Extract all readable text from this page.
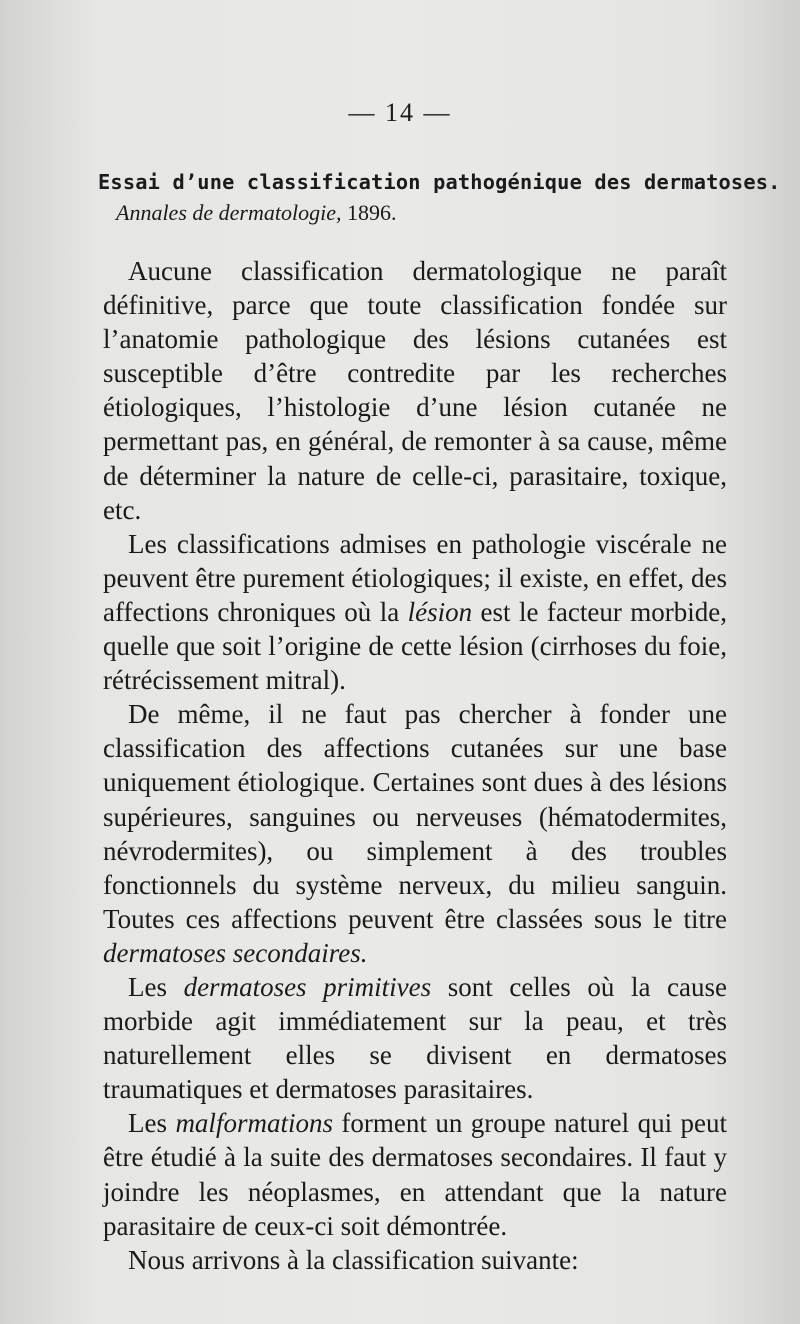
— 14 —
Essai d’une classification pathogénique des dermatoses.
Annales de dermatologie, 1896.

Aucune classification dermatologique ne paraît définitive, parce que toute classification fondée sur l’anatomie pathologique des lésions cutanées est susceptible d’être contredite par les recherches étiologiques, l’histologie d’une lésion cutanée ne permettant pas, en général, de remonter à sa cause, même de déterminer la nature de celle-ci, parasitaire, toxique, etc.

Les classifications admises en pathologie viscérale ne peuvent être purement étiologiques; il existe, en effet, des affections chroniques où la lésion est le facteur morbide, quelle que soit l’origine de cette lésion (cirrhoses du foie, rétrécissement mitral).

De même, il ne faut pas chercher à fonder une classification des affections cutanées sur une base uniquement étiologique. Certaines sont dues à des lésions supérieures, sanguines ou nerveuses (hématodermites, névrodermites), ou simplement à des troubles fonctionnels du système nerveux, du milieu sanguin. Toutes ces affections peuvent être classées sous le titre dermatoses secondaires.

Les dermatoses primitives sont celles où la cause morbide agit immédiatement sur la peau, et très naturellement elles se divisent en dermatoses traumatiques et dermatoses parasitaires.

Les malformations forment un groupe naturel qui peut être étudié à la suite des dermatoses secondaires. Il faut y joindre les néoplasmes, en attendant que la nature parasitaire de ceux-ci soit démontrée.

Nous arrivons à la classification suivante:
